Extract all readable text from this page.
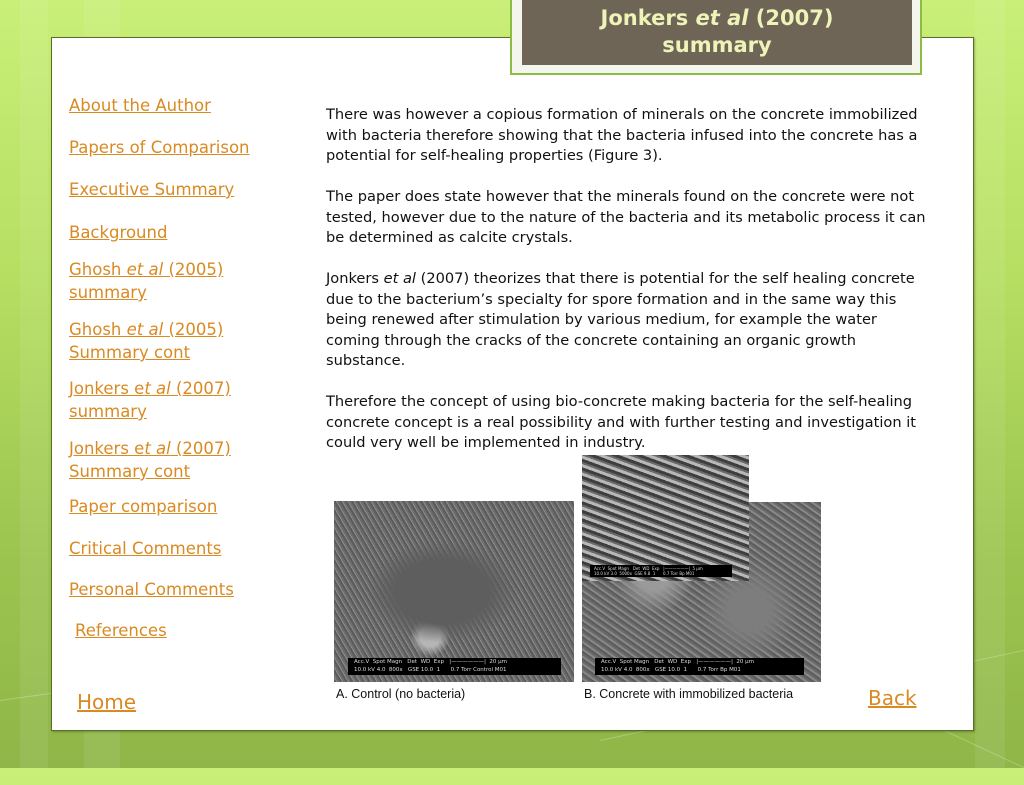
Jonkers et al (2007)
summary
About the Author
Papers of Comparison
Executive Summary
Background
Ghosh et al (2005)
summary
Ghosh et al (2005)
Summary cont
Jonkers et al (2007)
summary
Jonkers et al (2007)
Summary cont
Paper comparison
Critical Comments
Personal Comments
References
Home	Back

There was however a copious formation of minerals on the concrete immobilized with bacteria therefore showing that the bacteria infused into the concrete has a potential for self-healing properties (Figure 3).

The paper does state however that the minerals found on the concrete were not tested, however due to the nature of the bacteria and its metabolic process it can be determined as calcite crystals.

Jonkers et al (2007) theorizes that there is potential for the self healing concrete due to the bacterium’s specialty for spore formation and in the same way this being renewed after stimulation by various medium, for example the water coming through the cracks of the concrete containing an organic growth substance.

Therefore the concept of using bio-concrete making bacteria for the self-healing concrete concept is a real possibility and with further testing and investigation it could very well be implemented in industry.

Acc.V  Spot Magn   Det  WD  Exp   |——————|  20 µm
10.0 kV 4.0  800x   GSE 10.0  1      0.7 Torr Control M01
Acc.V  Spot Magn   Det  WD  Exp   |——————|  20 µm
10.0 kV 4.0  800x   GSE 10.0  1      0.7 Torr Bp M01
Acc.V  Spot Magn   Det  WD  Exp   |——————|  5 µm
10.0 kV 3.0  5000x  GSE 9.8  1      0.7 Torr Bp M01
A. Control (no bacteria)	B. Concrete with immobilized bacteria
